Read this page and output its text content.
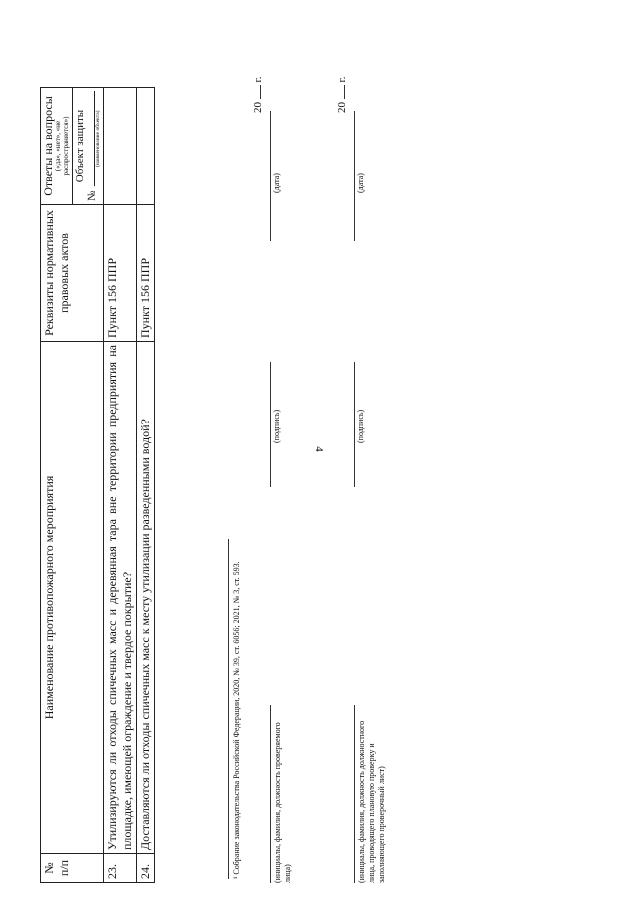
4
№ п/п	Наименование противопожарного мероприятия	Реквизиты нормативных правовых актов	Ответы на вопросы («да», «нет», «не распространяется») Объект защиты
№
(наименование объекта)

23.	Утилизируются ли отходы спичечных масс и деревянная тара вне территории предприятия на площадке, имеющей ограждение и твердое покрытие?	Пункт 156 ППР	
24.	Доставляются ли отходы спичечных масс к месту утилизации разведенными водой?	Пункт 156 ППР	
¹ Собрание законодательства Российской Федерации, 2020, № 39, ст. 6056; 2021, № 3, ст. 593.	(инициалы, фамилия, должность проверяемого лица)
(подпись)
(дата)
20  г.
(инициалы, фамилия, должность должностного лица, проводящего плановую проверку и заполняющего проверочный лист)
(подпись)
(дата)
20  г.
